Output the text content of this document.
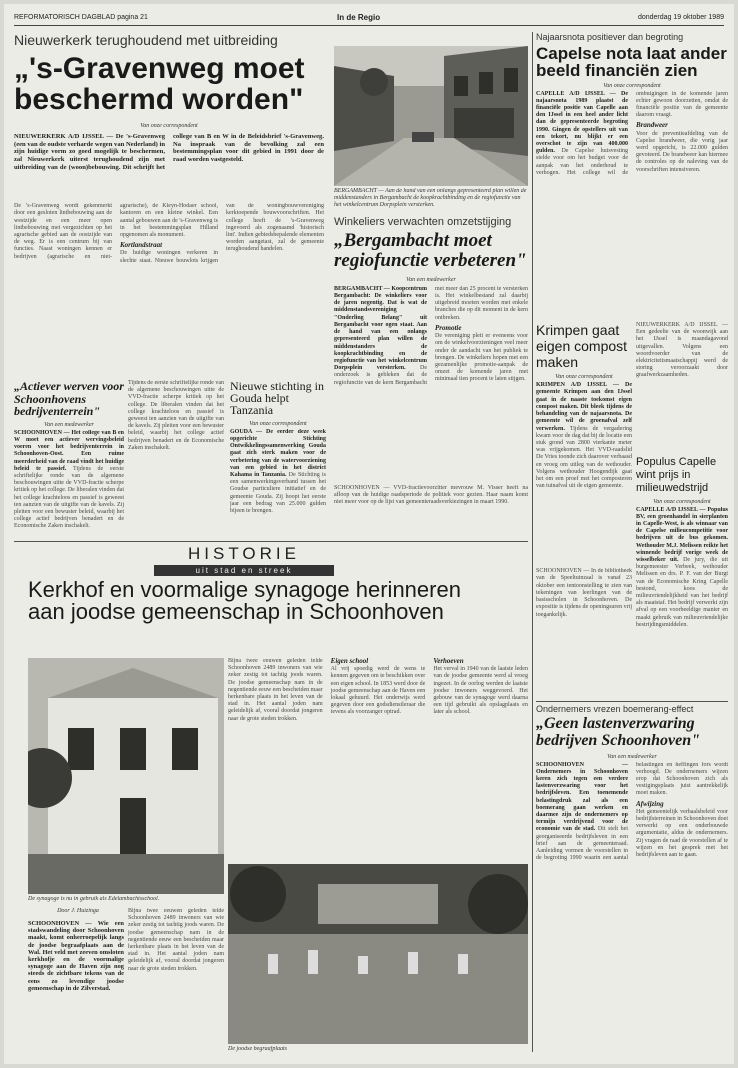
REFORMATORISCH DAGBLAD pagina 21	In de Regio	donderdag 19 oktober 1989
Nieuwerkerk terughoudend met uitbreiding
„'s-Gravenweg moet beschermd worden"
Van onze correspondent
NIEUWERKERK A/D IJSSEL — De 's-Gravenweg (een van de oudste verharde wegen van Nederland) in zijn huidige vorm zo goed mogelijk te beschermen, zal Nieuwerkerk uiterst terughoudend zijn met uitbreiding van de (woon)bebouwing. Dit schrijft het college van B en W in de Beleidsbrief 's-Gravenweg. Na inspraak van de bevolking zal een bestemmingsplan voor dit gebied in 1991 door de raad worden vastgesteld.
De 's-Gravenweg wordt gekenmerkt door een gesloten lintbebouwing aan de westzijde en een meer open lintbebouwing met vergezichten op het agrarische gebied aan de oostzijde van de weg. Er is een centrum bij van functies. Naast woningen kennen er bedrijven (agrarische en niet-agrarische), de Kleyn-Hodaer school, kantoren en een kleine winkel. Een aantal gebouwen aan de 's-Gravenweg is in het bestemmingsplan Hilland opgenomen als monument.
Kortlandstraat
De huidige woningen verkeren in slechte staat. Nieuwe bouwlots krijgen van de woningbouwvereniging kerktoepende bouwvoorschriften. Het college heeft de 's-Gravenweg ingevoerd als zogenaamd 'historisch lint'. Indien gebiedsbepalende elementen worden aangetast, zal de gemeente terughoudend handelen.
BERGAMBACHT — Aan de hand van een onlangs gepresenteerd plan willen de middenstanders in Bergambacht de koopkrachtbinding en de regiofunctie van het winkelcentrum Dorpsplein versterken.
Winkeliers verwachten omzetstijging
„Bergambacht moet regiofunctie verbeteren"
Van een medewerker
BERGAMBACHT — Koopcentrum Bergambacht: De winkeliers voor de jaren negentig. Dat is wat de middenstandsvereniging "Onderling Belang" uit Bergambacht voor ogen staat. Aan de hand van een onlangs gepresenteerd plan willen de middenstanders de koopkrachtbinding en de regiofunctie van het winkelcentrum Dorpsplein versterken. De onderzoek is gebleken dat de regiofunctie van de kern Bergambacht met meer dan 25 procent te versterken is. Het winkelbestand zal daarbij uitgebreid moeten worden met enkele branches die op dit moment in de kern ontbreken.
Promotie
De vereniging pleit er eveneens voor om de winkelvoorzieningen veel meer onder de aandacht van het publiek te brengen. De winkeliers hopen met een gezamenlijke promotie-aanpak de omzet de komende jaren met minimaal tien procent te laten stijgen.
SCHOONHOVEN — VVD-fractievoorzitter mevrouw M. Visser heeft na afloop van de huidige raadsperiode de politiek voor gezien. Haar naam komt niet meer voor op de lijst van gemeenteraadsverkiezingen in maart 1990.
„Actiever werven voor Schoonhovens bedrijventerrein"
Van een medewerker
SCHOONHOVEN — Het college van B en W moet een actiever wervingsbeleid voeren voor het bedrijventerrein in Schoonhoven-Oost. Een ruime meerderheid van de raad vindt het huidige beleid te passief. Tijdens de eerste schriftelijke ronde van de algemene beschouwingen uitte de VVD-fractie scherpe kritiek op het college. De liberalen vinden dat het college krachteloos en passief is geweest ten aanzien van de uitgifte van de kavels. Zij pleiten voor een bewuster beleid, waarbij het college actief bedrijven benadert en de Economische Zaken inschakelt.
Tijdens de eerste schriftelijke ronde van de algemene beschouwingen uitte de VVD-fractie scherpe kritiek op het college. De liberalen vinden dat het college krachteloos en passief is geweest ten aanzien van de uitgifte van de kavels. Zij pleiten voor een bewuster beleid, waarbij het college actief bedrijven benadert en de Economische Zaken inschakelt.
Nieuwe stichting in Gouda helpt Tanzania
Van onze correspondent
GOUDA — De eerder deze week opgerichte Stichting Ontwikkelingssamenwerking Gouda gaat zich sterk maken voor de verbetering van de watervoorziening van een gebied in het district Kahama in Tanzania. De Stichting is een samenwerkingsverband tussen het Goudse particuliere initiatief en de gemeente Gouda. Zij hoopt het eerste jaar een bedrag van 25.000 gulden bijeen te brengen.
Najaarsnota positiever dan begroting
Capelse nota laat ander beeld financiën zien
Van onze correspondent
CAPELLE A/D IJSSEL — De najaarsnota 1989 plaatst de financiële positie van Capelle aan den IJssel in een heel ander licht dan de gepresenteerde begroting 1990. Gingen de opstellers uit van een tekort, nu blijkt er een overschot te zijn van 400.000 gulden. De Capelse huisvesting stelde voor om het budget voor de aanpak van het onderhoud te verhogen. Het college wil de ombuigingen in de komende jaren echter gewoon doorzetten, omdat de financiële positie van de gemeente daarom vraagt.
Brandweer
Voor de preventieafdeling van de Capelse brandweer, die vorig jaar werd opgericht, is 22.000 gulden gevoteerd. De brandweer kan hiermee de controles op de naleving van de voorschriften intensiveren.
Krimpen gaat eigen compost maken
Van onze correspondent
KRIMPEN A/D IJSSEL — De gemeente Krimpen aan den IJssel gaat in de naaste toekomst eigen compost maken. Dit bleek tijdens de behandeling van de najaarsnota. De gemeente wil de groenafval zelf verwerken. Tijdens de vergadering kwam voor de dag dat bij de locatie een stuk grond van 2800 vierkante meter was vrijgekomen. Het VVD-raadslid De Vries toonde zich daarover verbaasd en vroeg om uitleg van de wethouder. Volgens wethouder Hoogendijk gaat het om een proef met het composteren van tuinafval uit de eigen gemeente.
SCHOONHOVEN — In de bibliotheek van de Speeltuinzaal is vanaf 23 oktober een tentoonstelling te zien van tekeningen van leerlingen van de basisscholen in Schoonhoven. De expositie is tijdens de openingsuren vrij toegankelijk.
NIEUWERKERK A/D IJSSEL — Een gedeelte van de woonwijk aan het IJssel is maandagavond uitgevallen. Volgens een woordvoerder van de elektriciteitsmaatschappij werd de storing veroorzaakt door graafwerkzaamheden.
Populus Capelle wint prijs in milieuwedstrijd
Van onze correspondent
CAPELLE A/D IJSSEL — Populus BV, een groenhandel in sierplanten in Capelle-West, is als winnaar van de Capelse milieucompetitie voor bedrijven uit de bus gekomen. Wethouder M.J. Melissen reikte het winnende bedrijf vorige week de wisselbeker uit. De jury, die uit burgemeester Verbeek, wethouder Melissen en drs. P. F. van der Burgt van de Economische Kring Capelle bestond, koos de milieuvriendelijkheid van het bedrijf als maatstaf. Het bedrijf verwerkt zijn afval op een voorbeeldige manier en maakt gebruik van milieuvriendelijke bestrijdingsmiddelen.
HISTORIE
uit stad en streek
Kerkhof en voormalige synagoge herinneren aan joodse gemeenschap in Schoonhoven
De synagoge is nu in gebruik als Edelambachtsschool.
Door J. Huizinga
SCHOONHOVEN — Wie een stadswandeling door Schoonhoven maakt, komt onherroepelijk langs de joodse begraafplaats aan de Wal. Het veld met zeeven omsloten kerkhofje en de voormalige synagoge aan de Haven zijn nog steeds de zichtbare tekens van de eens zo levendige joodse gemeenschap in de Zilverstad.
Bijna twee eeuwen geleden telde Schoonhoven 2489 inwoners van wie zeker zestig tot tachtig joods waren. De joodse gemeenschap nam in de negentiende eeuw een bescheiden maar herkenbare plaats in het leven van de stad in. Het aantal joden nam geleidelijk af, vooral doordat jongeren naar de grote steden trokken.
Bijna twee eeuwen geleden telde Schoonhoven 2489 inwoners van wie zeker zestig tot tachtig joods waren. De joodse gemeenschap nam in de negentiende eeuw een bescheiden maar herkenbare plaats in het leven van de stad in. Het aantal joden nam geleidelijk af, vooral doordat jongeren naar de grote steden trokken.
Eigen school
Al vrij spoedig werd de wens te kennen gegeven om te beschikken over een eigen school. In 1853 werd door de joodse gemeenschap aan de Haven een lokaal gehuurd. Het onderwijs werd gegeven door een godsdienstleraar die tevens als voorzanger optrad.
Verhoeven
Het verval in 1940 van de laatste leden van de joodse gemeente werd al vroeg ingezet. In de oorlog werden de laatste joodse inwoners weggevoerd. Het gebouw van de synagoge werd daarna een tijd gebruikt als opslagplaats en later als school.
De joodse begraafplaats
Ondernemers vrezen boemerang-effect
„Geen lastenverzwaring bedrijven Schoonhoven"
Van een medewerker
SCHOONHOVEN — Ondernemers in Schoonhoven keren zich tegen een verdere lastenverzwaring voor het bedrijfsleven. Een toenemende belastingdruk zal als een boemerang gaan werken en daarmee zijn de ondernemers op termijn verdrijvend voor de economie van de stad. Dit stelt het georganiseerde bedrijfsleven in een brief aan de gemeenteraad. Aanleiding vormen de voorstellen in de begroting 1990 waarin een aantal belastingen en heffingen fors wordt verhoogd. De ondernemers wijzen erop dat Schoonhoven zich als vestigingsplaats juist aantrekkelijk moet maken.
Afwijzing
Het gemeentelijk verhaalsbeleid voor bedrijfsterreinen in Schoonhoven doet verwerkt op een onderbouwde argumentatie, aldus de ondernemers. Zij vragen de raad de voorstellen af te wijzen en het gesprek met het bedrijfsleven aan te gaan.
